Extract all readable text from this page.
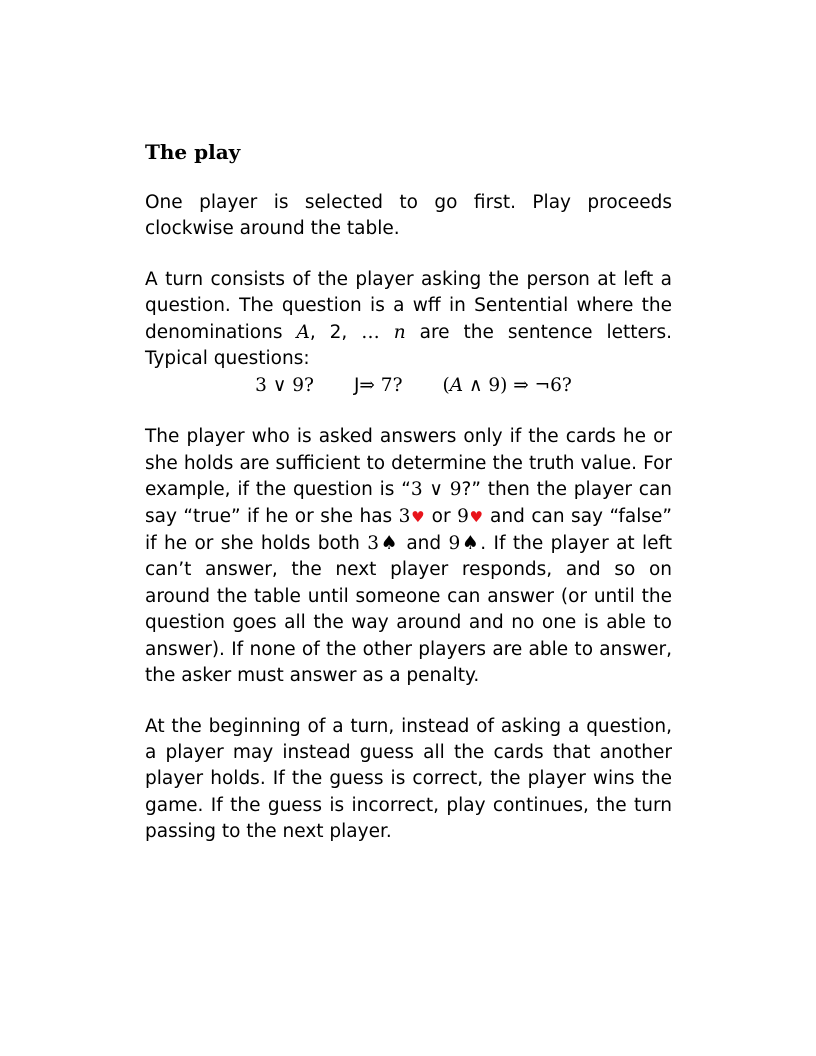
The play

One player is selected to go first. Play proceeds clockwise around the table.

A turn consists of the player asking the person at left a question. The question is a wff in Sentential where the denominations A, 2, … n are the sentence letters. Typical questions:

3 ∨ 9? J⇒ 7? (A ∧ 9) ⇒ ¬6?

The player who is asked answers only if the cards he or she holds are sufficient to determine the truth value. For example, if the question is “3 ∨ 9?” then the player can say “true” if he or she has 3♥ or 9♥ and can say “false” if he or she holds both 3♠ and 9♠. If the player at left can’t answer, the next player responds, and so on around the table until someone can answer (or until the question goes all the way around and no one is able to answer). If none of the other players are able to answer, the asker must answer as a penalty.

At the beginning of a turn, instead of asking a question, a player may instead guess all the cards that another player holds. If the guess is correct, the player wins the game. If the guess is incorrect, play continues, the turn passing to the next player.
